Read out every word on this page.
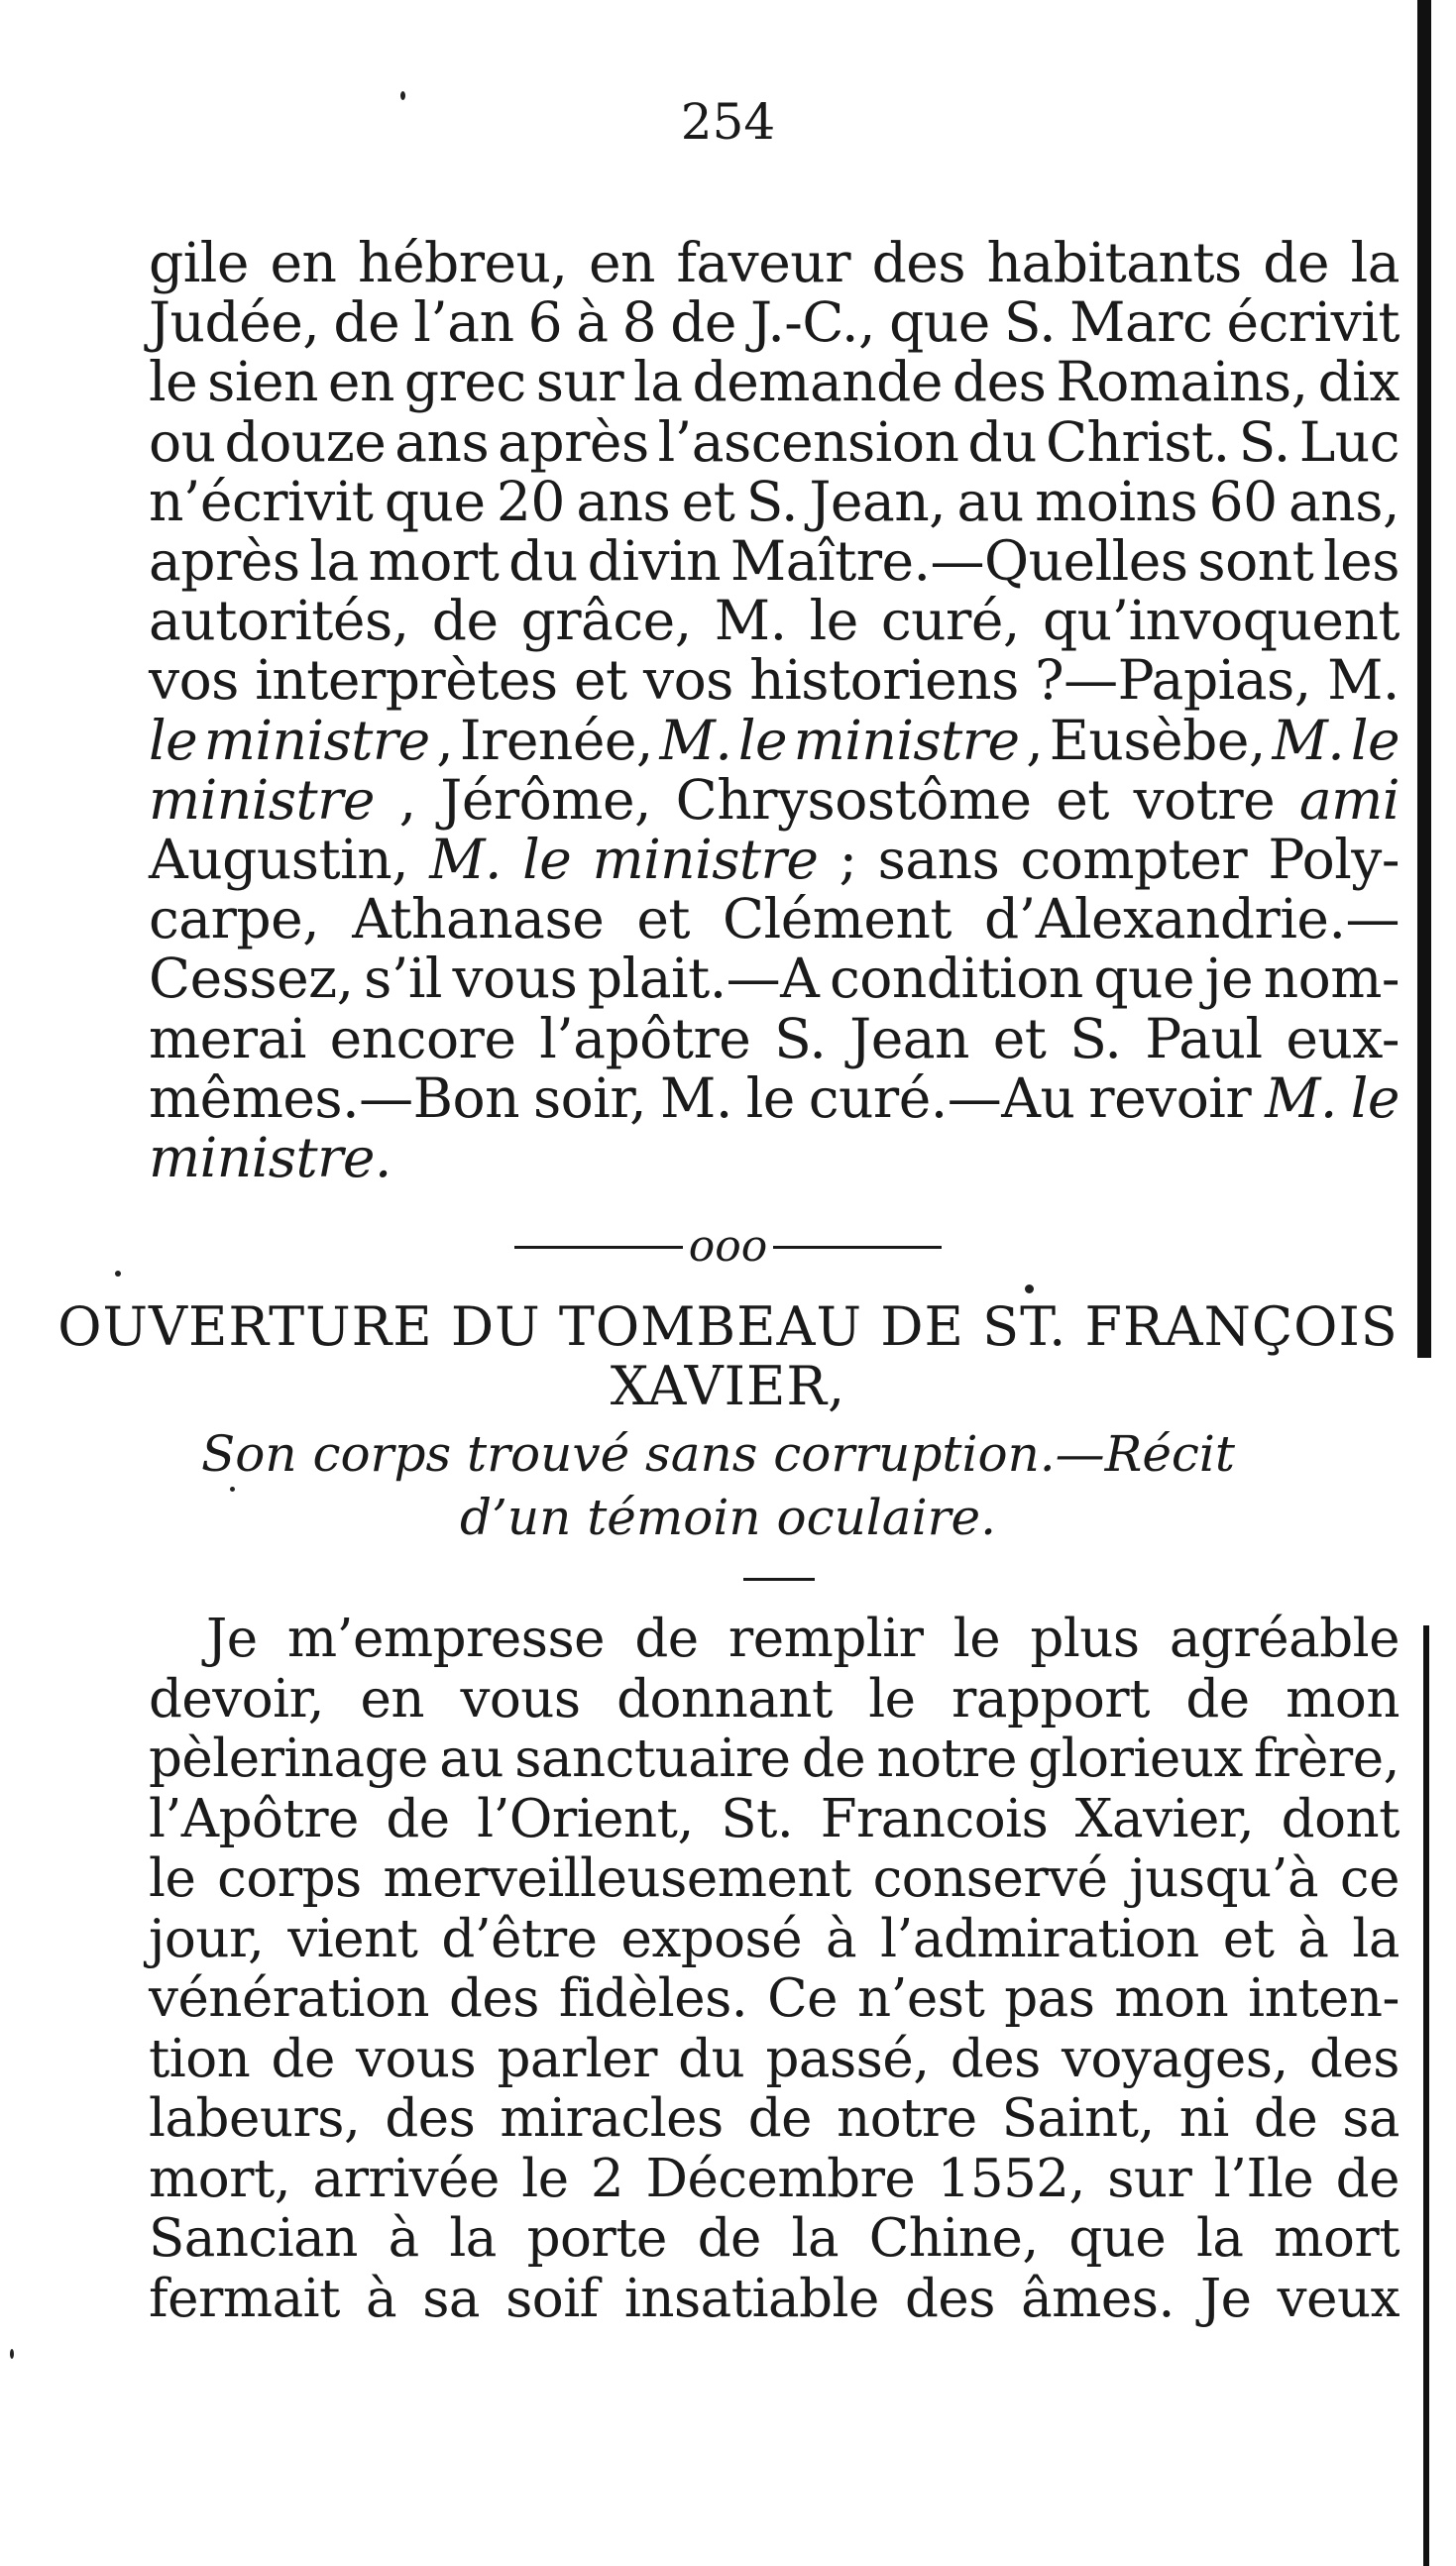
254
gile en hébreu, en faveur des habitants de la
Judée, de l’an 6 à 8 de J.-C., que S. Marc écrivit
le sien en grec sur la demande des Romains, dix
ou douze ans après l’ascension du Christ. S. Luc
n’écrivit que 20 ans et S. Jean, au moins 60 ans,
après la mort du divin Maître.—Quelles sont les
autorités, de grâce, M. le curé, qu’invoquent
vos interprètes et vos historiens ?—Papias, M.
le ministre , Irenée, M. le ministre , Eusèbe, M. le
ministre , Jérôme, Chrysostôme et votre ami
Augustin, M. le ministre ; sans compter Poly-
carpe, Athanase et Clément d’Alexandrie.—
Cessez, s’il vous plait.—A condition que je nom-
merai encore l’apôtre S. Jean et S. Paul eux-
mêmes.—Bon soir, M. le curé.—Au revoir M. le
ministre.
ooo
OUVERTURE DU TOMBEAU DE ST. FRANÇOIS
XAVIER,
Son corps trouvé sans corruption.—Récit
d’un témoin oculaire.
Je m’empresse de remplir le plus agréable
devoir, en vous donnant le rapport de mon
pèlerinage au sanctuaire de notre glorieux frère,
l’Apôtre de l’Orient, St. Francois Xavier, dont
le corps merveilleusement conservé jusqu’à ce
jour, vient d’être exposé à l’admiration et à la
vénération des fidèles. Ce n’est pas mon inten-
tion de vous parler du passé, des voyages, des
labeurs, des miracles de notre Saint, ni de sa
mort, arrivée le 2 Décembre 1552, sur l’Ile de
Sancian à la porte de la Chine, que la mort
fermait à sa soif insatiable des âmes. Je veux
